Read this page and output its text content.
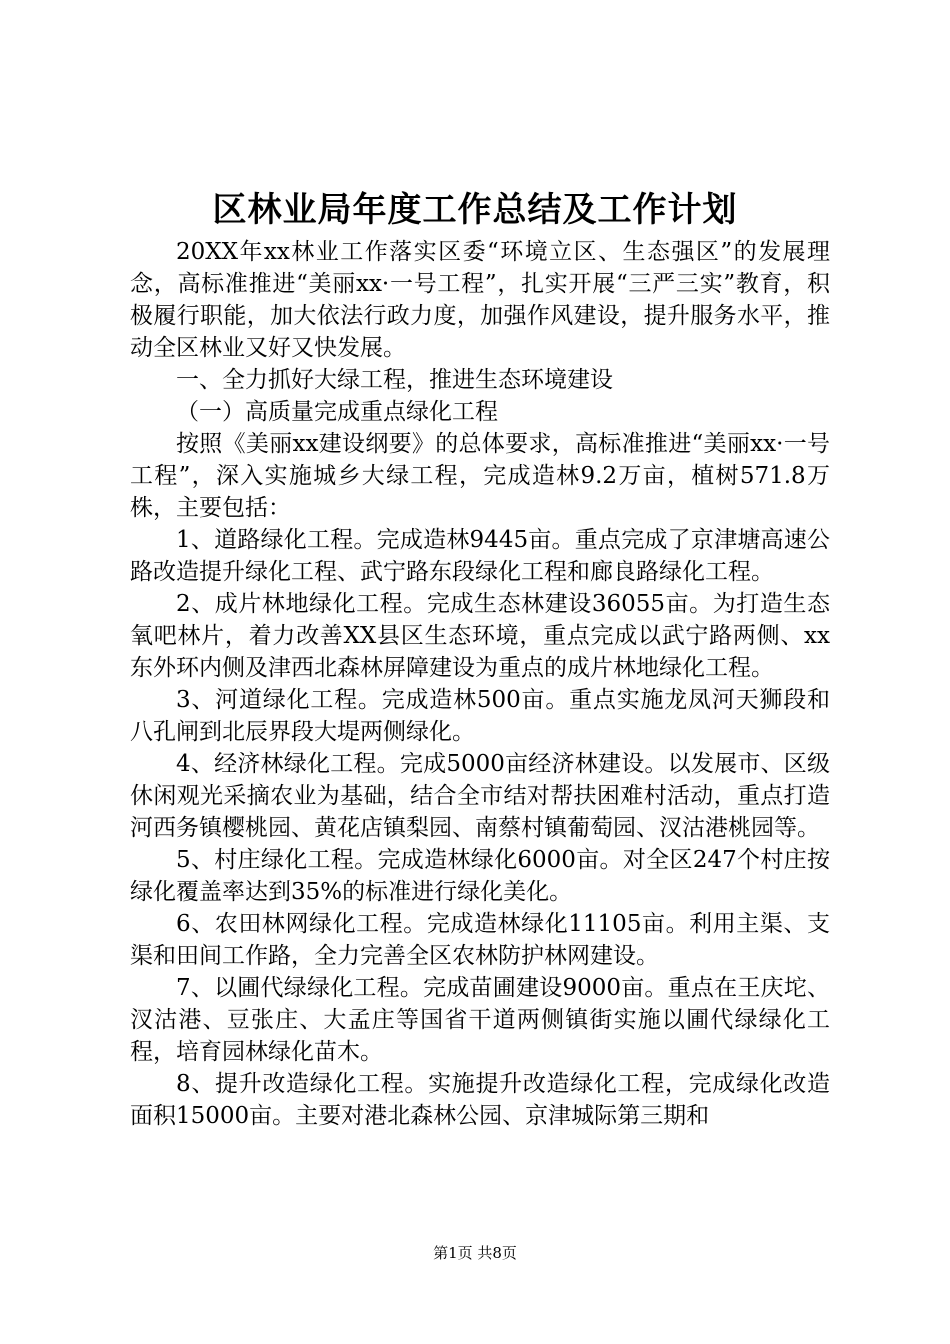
区林业局年度工作总结及工作计划

20XX年xx林业工作落实区委“环境立区、生态强区”的发展理念，高标准推进“美丽xx·一号工程”，扎实开展“三严三实”教育，积极履行职能，加大依法行政力度，加强作风建设，提升服务水平，推动全区林业又好又快发展。

一、全力抓好大绿工程，推进生态环境建设

（一）高质量完成重点绿化工程

按照《美丽xx建设纲要》的总体要求，高标准推进“美丽xx·一号工程”，深入实施城乡大绿工程，完成造林9.2万亩，植树571.8万株，主要包括：

1、道路绿化工程。完成造林9445亩。重点完成了京津塘高速公路改造提升绿化工程、武宁路东段绿化工程和廊良路绿化工程。

2、成片林地绿化工程。完成生态林建设36055亩。为打造生态氧吧林片，着力改善XX县区生态环境，重点完成以武宁路两侧、xx东外环内侧及津西北森林屏障建设为重点的成片林地绿化工程。

3、河道绿化工程。完成造林500亩。重点实施龙凤河天狮段和八孔闸到北辰界段大堤两侧绿化。

4、经济林绿化工程。完成5000亩经济林建设。以发展市、区级休闲观光采摘农业为基础，结合全市结对帮扶困难村活动，重点打造河西务镇樱桃园、黄花店镇梨园、南蔡村镇葡萄园、汊沽港桃园等。

5、村庄绿化工程。完成造林绿化6000亩。对全区247个村庄按绿化覆盖率达到35%的标准进行绿化美化。

6、农田林网绿化工程。完成造林绿化11105亩。利用主渠、支渠和田间工作路，全力完善全区农林防护林网建设。

7、以圃代绿绿化工程。完成苗圃建设9000亩。重点在王庆坨、汊沽港、豆张庄、大孟庄等国省干道两侧镇街实施以圃代绿绿化工程，培育园林绿化苗木。

8、提升改造绿化工程。实施提升改造绿化工程，完成绿化改造面积15000亩。主要对港北森林公园、京津城际第三期和

第1页 共8页
